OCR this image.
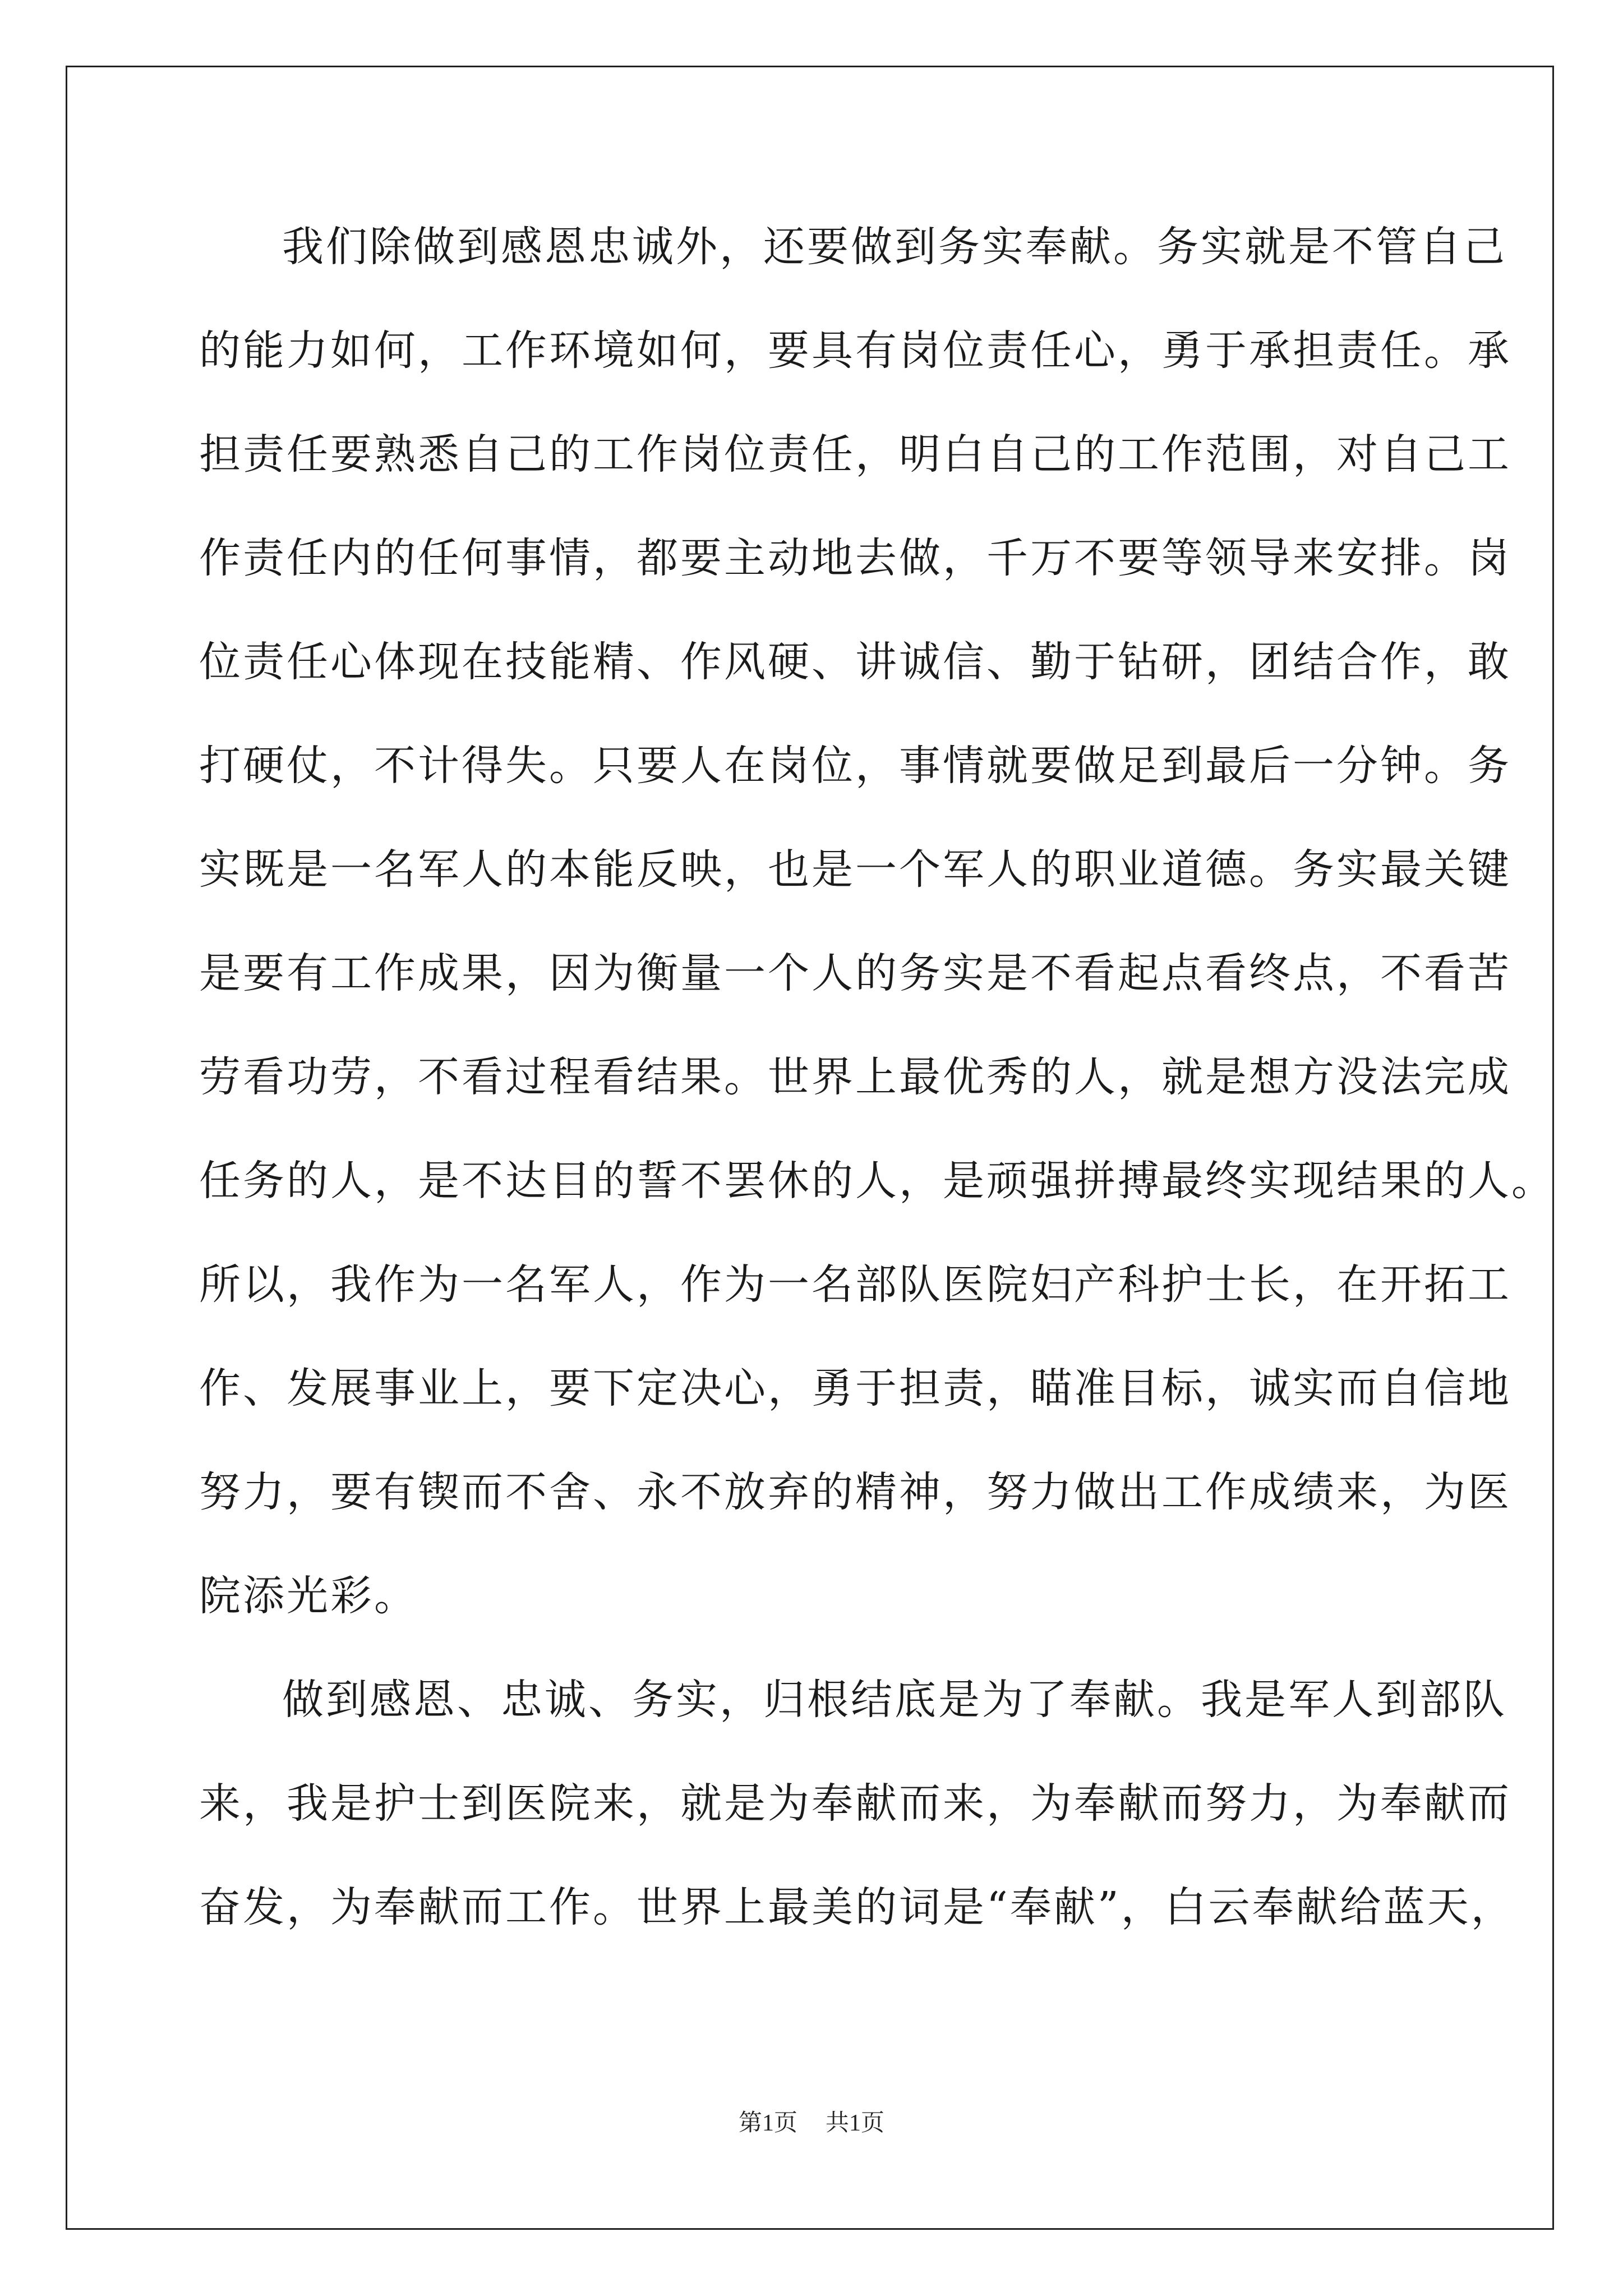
我们除做到感恩忠诚外，还要做到务实奉献。务实就是不管自己
的能力如何，工作环境如何，要具有岗位责任心，勇于承担责任。承
担责任要熟悉自己的工作岗位责任，明白自己的工作范围，对自己工
作责任内的任何事情，都要主动地去做，千万不要等领导来安排。岗
位责任心体现在技能精、作风硬、讲诚信、勤于钻研，团结合作，敢
打硬仗，不计得失。只要人在岗位，事情就要做足到最后一分钟。务
实既是一名军人的本能反映，也是一个军人的职业道德。务实最关键
是要有工作成果，因为衡量一个人的务实是不看起点看终点，不看苦
劳看功劳，不看过程看结果。世界上最优秀的人，就是想方没法完成
任务的人，是不达目的誓不罢休的人，是顽强拼搏最终实现结果的人。
所以，我作为一名军人，作为一名部队医院妇产科护士长，在开拓工
作、发展事业上，要下定决心，勇于担责，瞄准目标，诚实而自信地
努力，要有锲而不舍、永不放弃的精神，努力做出工作成绩来，为医
院添光彩。
做到感恩、忠诚、务实，归根结底是为了奉献。我是军人到部队
来，我是护士到医院来，就是为奉献而来，为奉献而努力，为奉献而
奋发，为奉献而工作。世界上最美的词是“奉献”，白云奉献给蓝天，
第1页 共1页
